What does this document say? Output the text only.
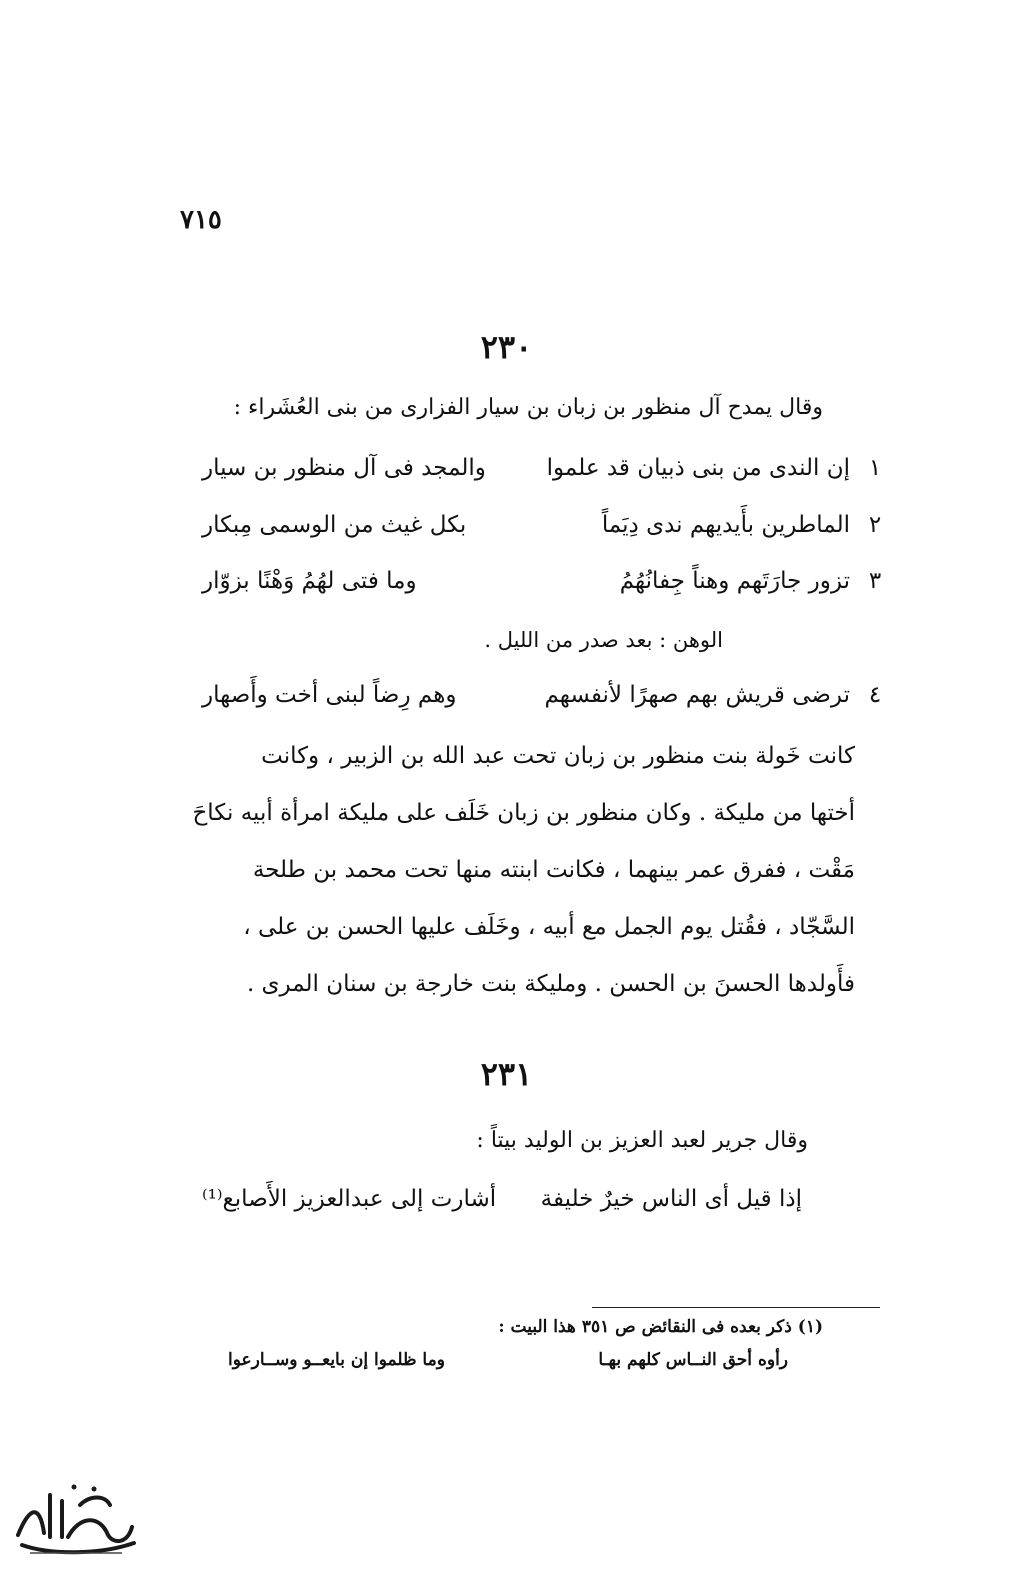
٧١٥
٢٣٠
وقال يمدح آل منظور بن زبان بن سيار الفزارى من بنى العُشَراء :
١
إن الندى من بنى ذبيان قد علموا
والمجد فى آل منظور بن سيار
٢
الماطرين بأَيديهم ندى دِيَماً
بكل غيث من الوسمى مِبكار
٣
تزور جارَتَهم وهناً جِفانُهُمُ
وما فتى لهُمُ وَهْنًا بزوّار
الوهن : بعد صدر من الليل .
٤
ترضى قريش بهم صهرًا لأنفسهم
وهم رِضاً لبنى أخت وأَصهار
كانت خَولة بنت منظور بن زبان تحت عبد الله بن الزبير ، وكانت
أختها من مليكة . وكان منظور بن زبان خَلَف على مليكة امرأة أبيه نكاحَ
مَقْت ، ففرق عمر بينهما ، فكانت ابنته منها تحت محمد بن طلحة
السَّجّاد ، فقُتل يوم الجمل مع أبيه ، وخَلَف عليها الحسن بن على ،
فأَولدها الحسنَ بن الحسن . ومليكة بنت خارجة بن سنان المرى .
٢٣١
وقال جرير لعبد العزيز بن الوليد بيتاً :
إذا قيل أى الناس خيرٌ خليفة
أشارت إلى عبدالعزيز الأَصابع⁽¹⁾
(١) ذكر بعده فى النقائض ص ٣٥١ هذا البيت :
رأوه أحق النــاس كلهم بهـا
وما ظلموا إن بايعــو وســارعوا
